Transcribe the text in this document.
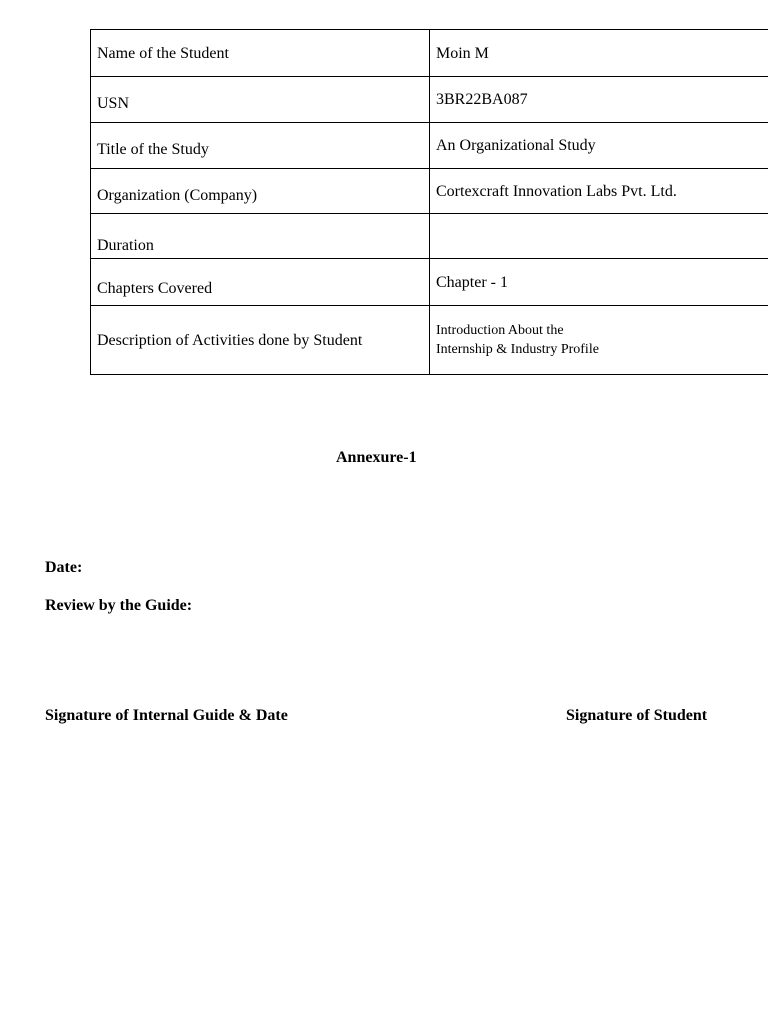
Name of the Student	Moin M
USN	3BR22BA087
Title of the Study	An Organizational Study
Organization (Company)	Cortexcraft Innovation Labs Pvt. Ltd.
Duration	
Chapters Covered	Chapter - 1
Description of Activities done by Student	Introduction About the
Internship & Industry Profile
Annexure-1
Date:
Review by the Guide:
Signature of Internal Guide & Date	Signature of Student
